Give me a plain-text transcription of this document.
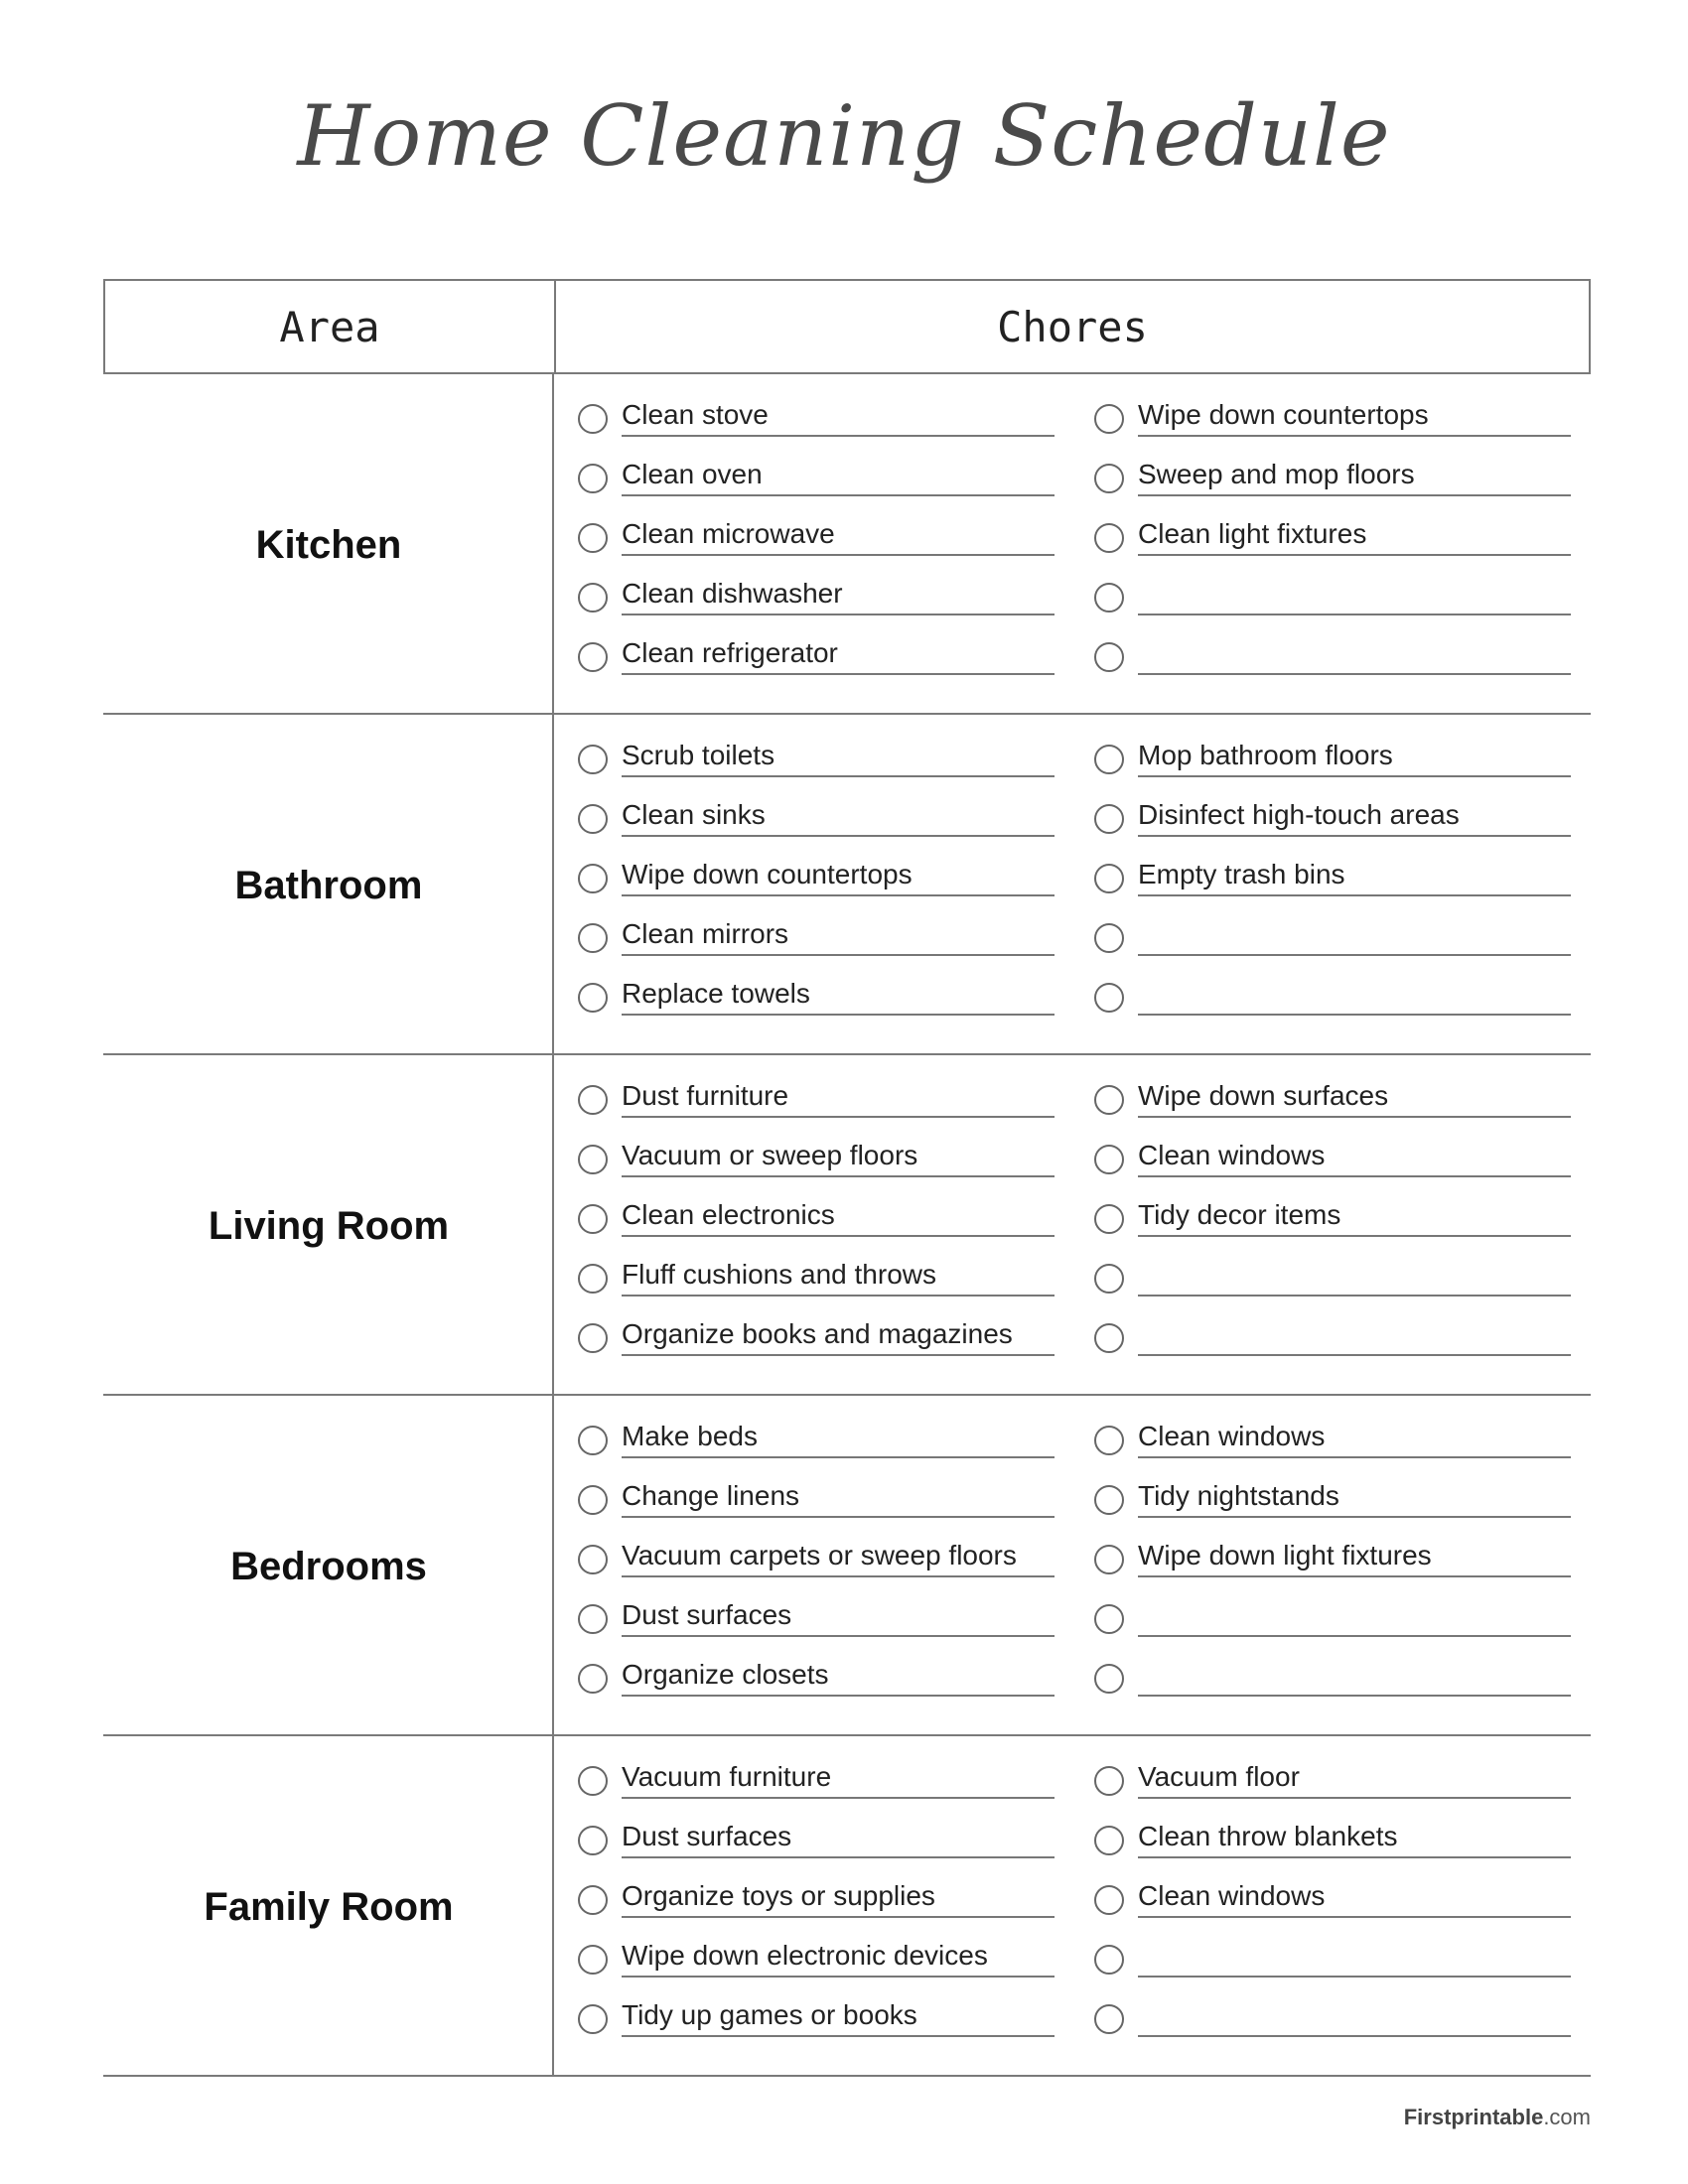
Home Cleaning Schedule
Area	Chores
Kitchen
Clean stove
Clean oven
Clean microwave
Clean dishwasher
Clean refrigerator
Wipe down countertops
Sweep and mop floors
Clean light fixtures
Bathroom
Scrub toilets
Clean sinks
Wipe down countertops
Clean mirrors
Replace towels
Mop bathroom floors
Disinfect high-touch areas
Empty trash bins
Living Room
Dust furniture
Vacuum or sweep floors
Clean electronics
Fluff cushions and throws
Organize books and magazines
Wipe down surfaces
Clean windows
Tidy decor items
Bedrooms
Make beds
Change linens
Vacuum carpets or sweep floors
Dust surfaces
Organize closets
Clean windows
Tidy nightstands
Wipe down light fixtures
Family Room
Vacuum furniture
Dust surfaces
Organize toys or supplies
Wipe down electronic devices
Tidy up games or books
Vacuum floor
Clean throw blankets
Clean windows
Firstprintable.com
